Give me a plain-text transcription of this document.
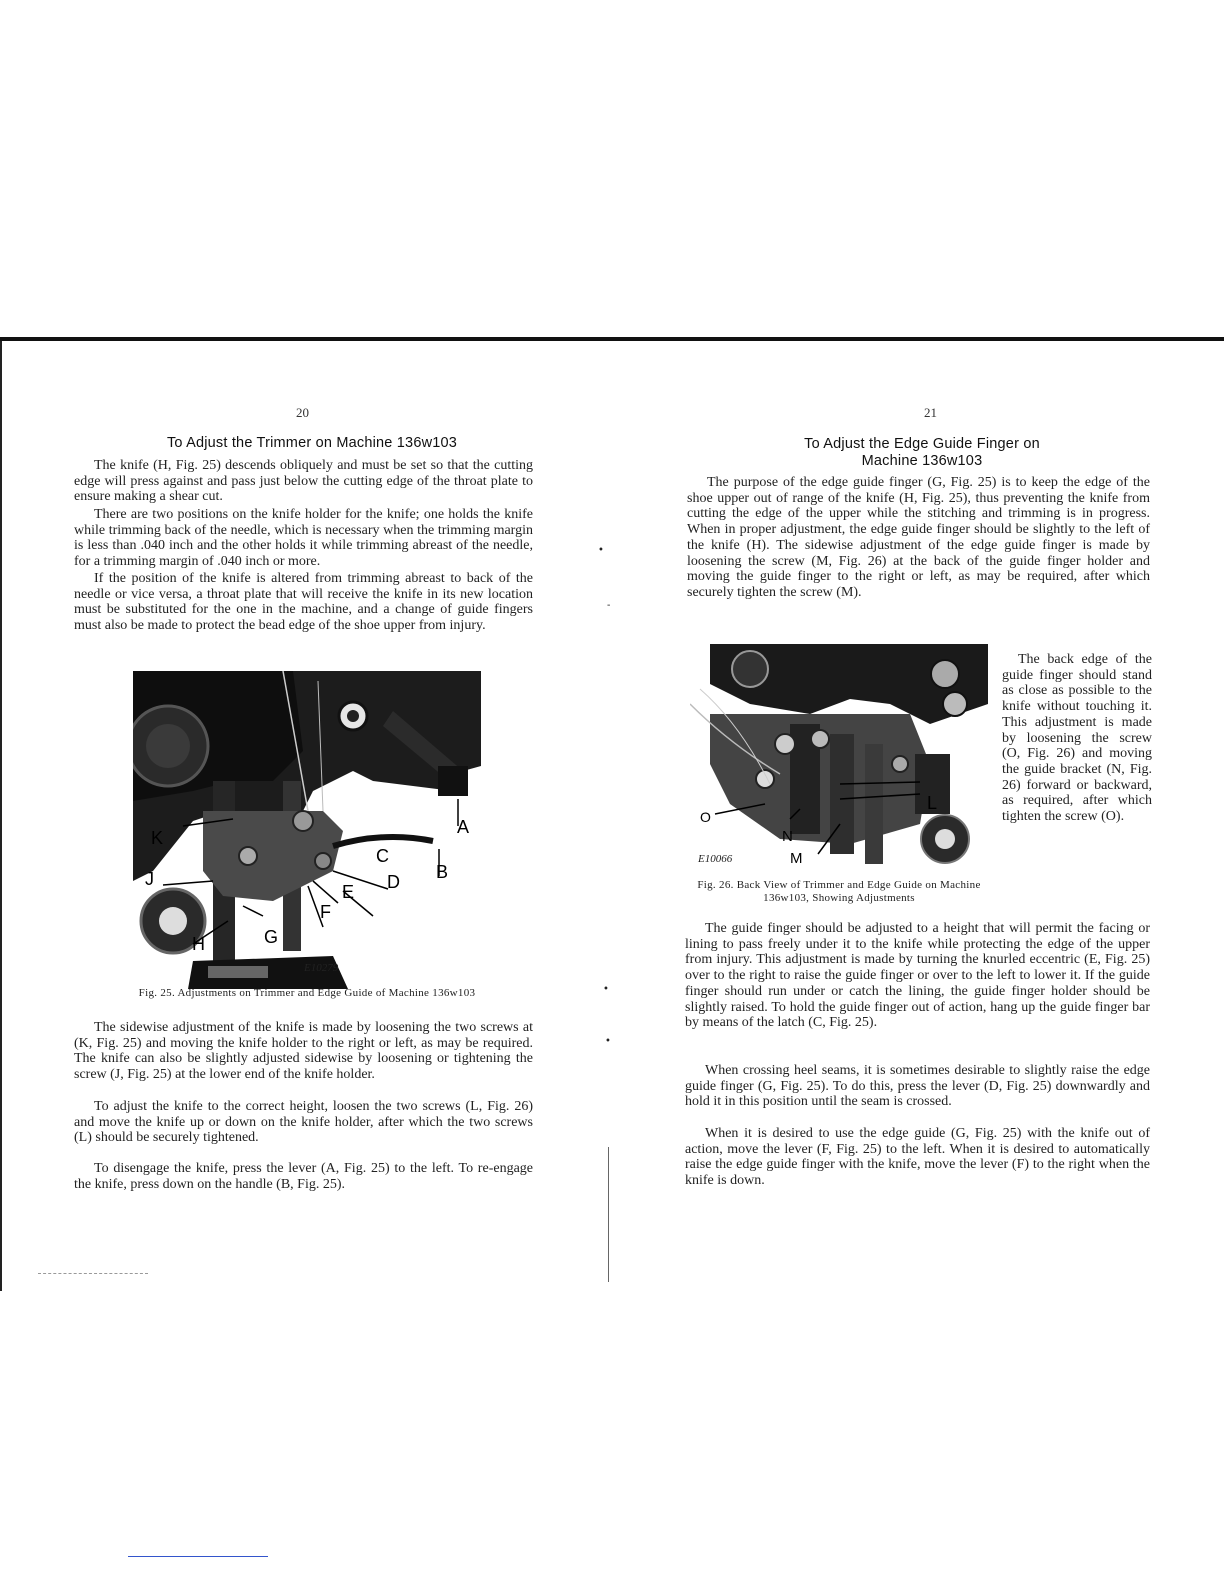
20
To Adjust the Trimmer on Machine 136w103

The knife (H, Fig. 25) descends obliquely and must be set so that the cutting edge will press against and pass just below the cutting edge of the throat plate to ensure making a shear cut.

There are two positions on the knife holder for the knife; one holds the knife while trimming back of the needle, which is necessary when the trimming margin is less than .040 inch and the other holds it while trimming abreast of the needle, for a trimming margin of .040 inch or more.

If the position of the knife is altered from trimming abreast to back of the needle or vice versa, a throat plate that will receive the knife in its new location must be substituted for the one in the machine, and a change of guide fingers must also be made to protect the bead edge of the shoe upper from injury.

A
B
C
D
E
F
G
H
J
K
E10279
Fig. 25. Adjustments on Trimmer and Edge Guide of Machine 136w103

The sidewise adjustment of the knife is made by loosening the two screws at (K, Fig. 25) and moving the knife holder to the right or left, as may be required. The knife can also be slightly adjusted sidewise by loosening or tightening the screw (J, Fig. 25) at the lower end of the knife holder.

To adjust the knife to the correct height, loosen the two screws (L, Fig. 26) and move the knife up or down on the knife holder, after which the two screws (L) should be securely tightened.

To disengage the knife, press the lever (A, Fig. 25) to the left. To re-engage the knife, press down on the handle (B, Fig. 25).

21
To Adjust the Edge Guide Finger on
Machine 136w103

The purpose of the edge guide finger (G, Fig. 25) is to keep the edge of the shoe upper out of range of the knife (H, Fig. 25), thus preventing the knife from cutting the edge of the upper while the stitching and trimming is in progress. When in proper adjustment, the edge guide finger should be slightly to the left of the knife (H). The sidewise adjustment of the edge guide finger is made by loosening the screw (M, Fig. 26) at the back of the guide finger holder and moving the guide finger to the right or left, as may be required, after which securely tighten the screw (M).

L
O
N
M
E10066

The back edge of the guide finger should stand as close as possible to the knife without touching it. This adjustment is made by loosening the screw (O, Fig. 26) and moving the guide bracket (N, Fig. 26) forward or backward, as required, after which tighten the screw (O).

Fig. 26. Back View of Trimmer and Edge Guide on Machine 136w103, Showing Adjustments

The guide finger should be adjusted to a height that will permit the facing or lining to pass freely under it to the knife while protecting the edge of the upper from injury. This adjustment is made by turning the knurled eccentric (E, Fig. 25) over to the right to raise the guide finger or over to the left to lower it. If the guide finger should run under or catch the lining, the guide finger holder should be slightly raised. To hold the guide finger out of action, hang up the guide finger bar by means of the latch (C, Fig. 25).

When crossing heel seams, it is sometimes desirable to slightly raise the edge guide finger (G, Fig. 25). To do this, press the lever (D, Fig. 25) downwardly and hold it in this position until the seam is crossed.

When it is desired to use the edge guide (G, Fig. 25) with the knife out of action, move the lever (F, Fig. 25) to the left. When it is desired to automatically raise the edge guide finger with the knife, move the lever (F) to the right when the knife is down.

•
-
•
•
